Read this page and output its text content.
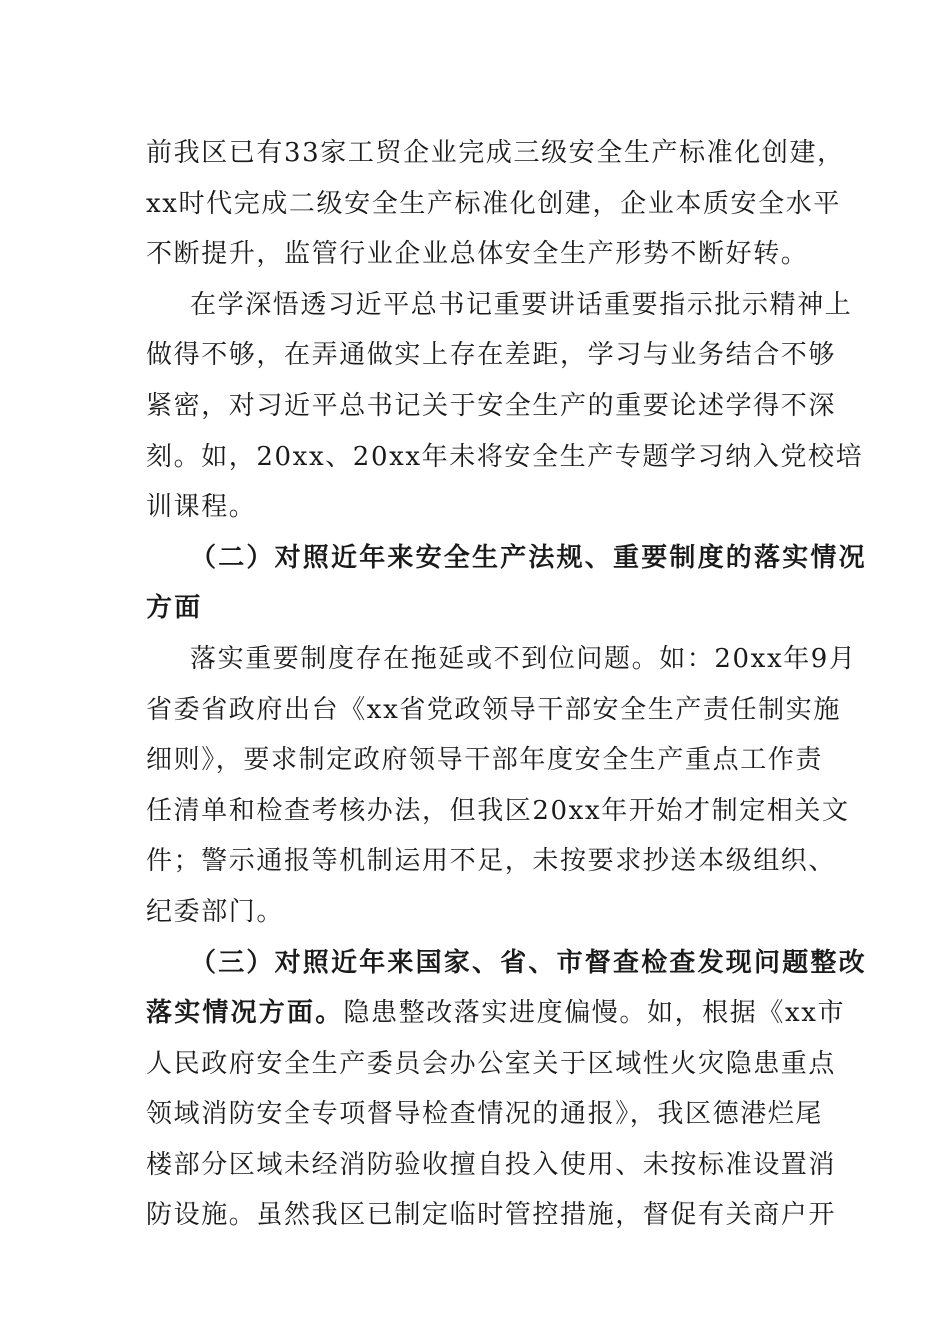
前我区已有33家工贸企业完成三级安全生产标准化创建，
xx时代完成二级安全生产标准化创建，企业本质安全水平
不断提升，监管行业企业总体安全生产形势不断好转。
在学深悟透习近平总书记重要讲话重要指示批示精神上
做得不够，在弄通做实上存在差距，学习与业务结合不够
紧密，对习近平总书记关于安全生产的重要论述学得不深
刻。如，20xx、20xx年未将安全生产专题学习纳入党校培
训课程。
（二）对照近年来安全生产法规、重要制度的落实情况
方面
落实重要制度存在拖延或不到位问题。如：20xx年9月
省委省政府出台《xx省党政领导干部安全生产责任制实施
细则》，要求制定政府领导干部年度安全生产重点工作责
任清单和检查考核办法，但我区20xx年开始才制定相关文
件；警示通报等机制运用不足，未按要求抄送本级组织、
纪委部门。
（三）对照近年来国家、省、市督查检查发现问题整改
落实情况方面。隐患整改落实进度偏慢。如，根据《xx市
人民政府安全生产委员会办公室关于区域性火灾隐患重点
领域消防安全专项督导检查情况的通报》，我区德港烂尾
楼部分区域未经消防验收擅自投入使用、未按标准设置消
防设施。虽然我区已制定临时管控措施，督促有关商户开
